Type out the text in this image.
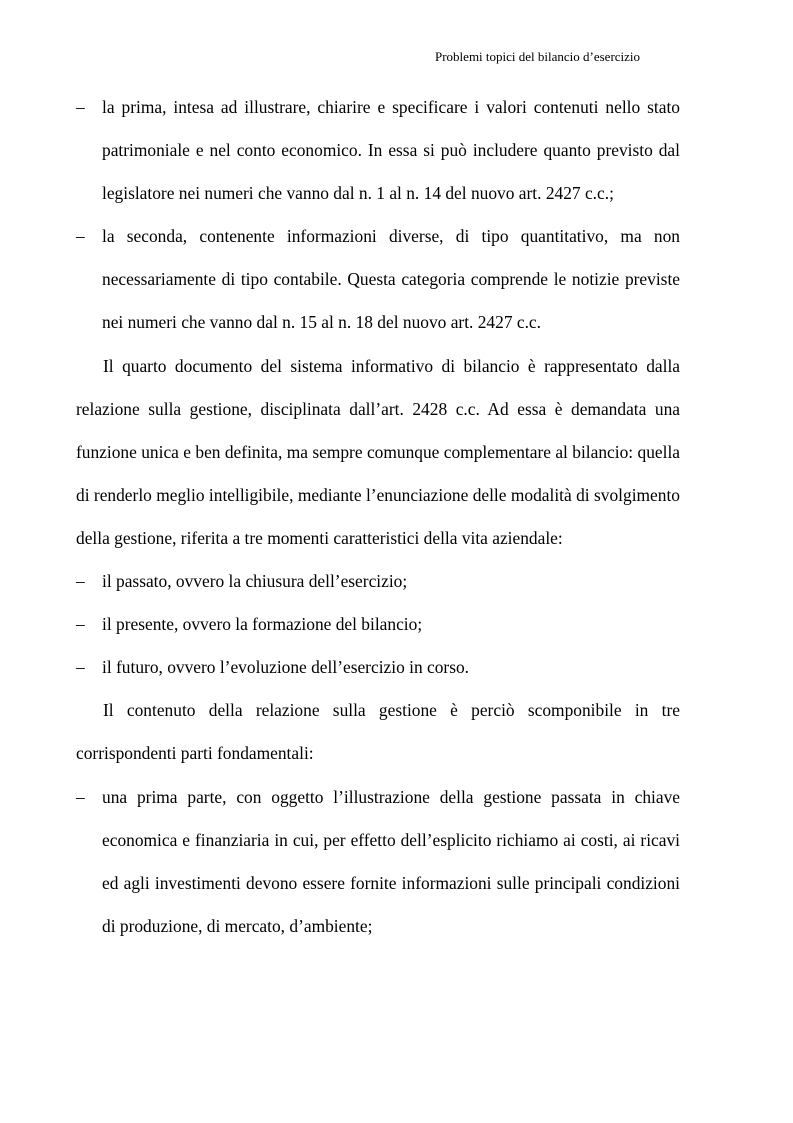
Problemi topici del bilancio d’esercizio
– la prima, intesa ad illustrare, chiarire e specificare i valori contenuti nello stato patrimoniale e nel conto economico. In essa si può includere quanto previsto dal legislatore nei numeri che vanno dal n. 1 al n. 14 del nuovo art. 2427 c.c.;
– la seconda, contenente informazioni diverse, di tipo quantitativo, ma non necessariamente di tipo contabile. Questa categoria comprende le notizie previste nei numeri che vanno dal n. 15 al n. 18 del nuovo art. 2427 c.c.

Il quarto documento del sistema informativo di bilancio è rappresentato dalla relazione sulla gestione, disciplinata dall’art. 2428 c.c. Ad essa è demandata una funzione unica e ben definita, ma sempre comunque complementare al bilancio: quella di renderlo meglio intelligibile, mediante l’enunciazione delle modalità di svolgimento della gestione, riferita a tre momenti caratteristici della vita aziendale:

– il passato, ovvero la chiusura dell’esercizio;
– il presente, ovvero la formazione del bilancio;
– il futuro, ovvero l’evoluzione dell’esercizio in corso.

Il contenuto della relazione sulla gestione è perciò scomponibile in tre corrispondenti parti fondamentali:

– una prima parte, con oggetto l’illustrazione della gestione passata in chiave economica e finanziaria in cui, per effetto dell’esplicito richiamo ai costi, ai ricavi ed agli investimenti devono essere fornite informazioni sulle principali condizioni di produzione, di mercato, d’ambiente;
